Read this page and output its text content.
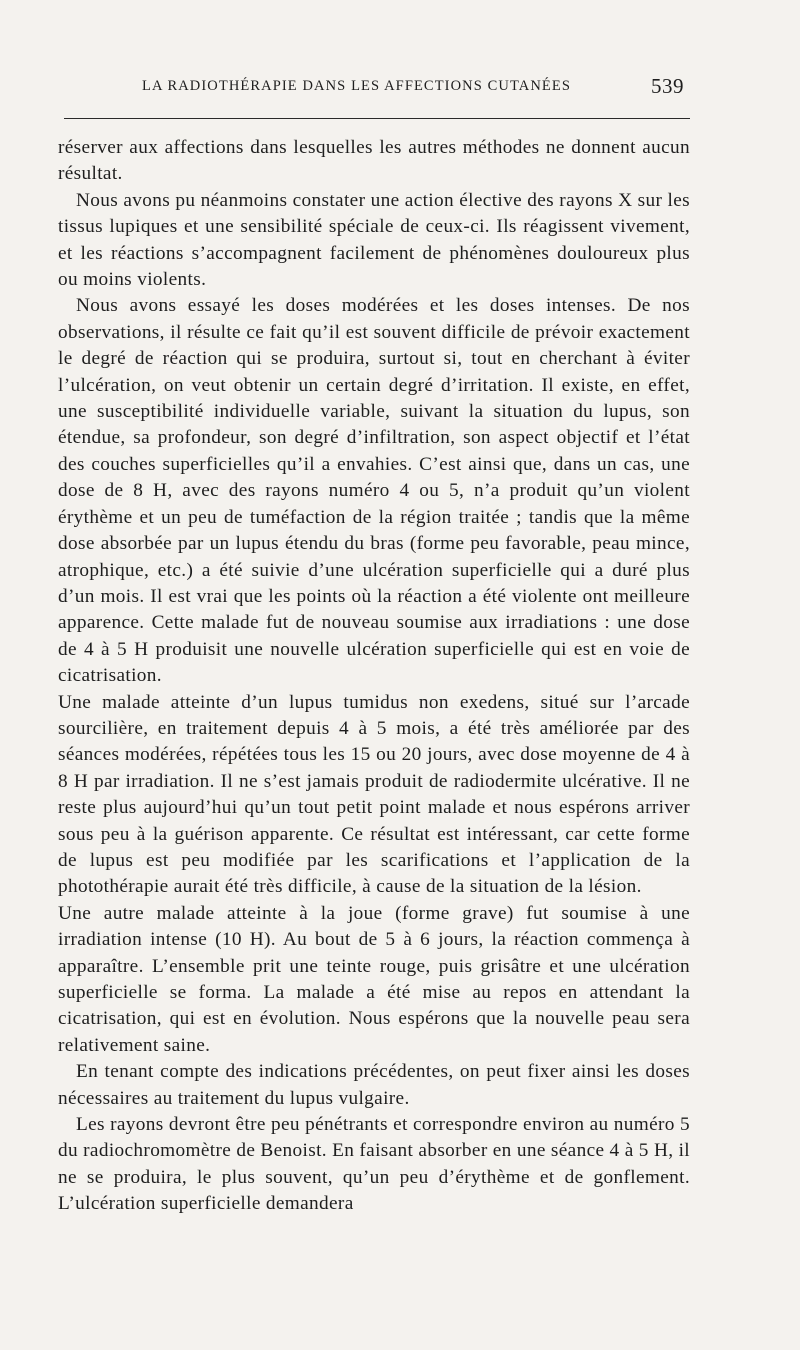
LA RADIOTHÉRAPIE DANS LES AFFECTIONS CUTANÉES	539

réserver aux affections dans lesquelles les autres méthodes ne donnent aucun résultat.

Nous avons pu néanmoins constater une action élective des rayons X sur les tissus lupiques et une sensibilité spéciale de ceux-ci. Ils réagissent vivement, et les réactions s’accompagnent facilement de phénomènes douloureux plus ou moins violents.

Nous avons essayé les doses modérées et les doses intenses. De nos observations, il résulte ce fait qu’il est souvent difficile de prévoir exactement le degré de réaction qui se produira, surtout si, tout en cherchant à éviter l’ulcération, on veut obtenir un certain degré d’irritation. Il existe, en effet, une susceptibilité individuelle variable, suivant la situation du lupus, son étendue, sa profondeur, son degré d’infiltration, son aspect objectif et l’état des couches superficielles qu’il a envahies. C’est ainsi que, dans un cas, une dose de 8 H, avec des rayons numéro 4 ou 5, n’a produit qu’un violent érythème et un peu de tuméfaction de la région traitée ; tandis que la même dose absorbée par un lupus étendu du bras (forme peu favorable, peau mince, atrophique, etc.) a été suivie d’une ulcération superficielle qui a duré plus d’un mois. Il est vrai que les points où la réaction a été violente ont meilleure apparence. Cette malade fut de nouveau soumise aux irradiations : une dose de 4 à 5 H produisit une nouvelle ulcération superficielle qui est en voie de cicatrisation.

Une malade atteinte d’un lupus tumidus non exedens, situé sur l’arcade sourcilière, en traitement depuis 4 à 5 mois, a été très améliorée par des séances modérées, répétées tous les 15 ou 20 jours, avec dose moyenne de 4 à 8 H par irradiation. Il ne s’est jamais produit de radiodermite ulcérative. Il ne reste plus aujourd’hui qu’un tout petit point malade et nous espérons arriver sous peu à la guérison apparente. Ce résultat est intéressant, car cette forme de lupus est peu modifiée par les scarifications et l’application de la photothérapie aurait été très difficile, à cause de la situation de la lésion.

Une autre malade atteinte à la joue (forme grave) fut soumise à une irradiation intense (10 H). Au bout de 5 à 6 jours, la réaction commença à apparaître. L’ensemble prit une teinte rouge, puis grisâtre et une ulcération superficielle se forma. La malade a été mise au repos en attendant la cicatrisation, qui est en évolution. Nous espérons que la nouvelle peau sera relativement saine.

En tenant compte des indications précédentes, on peut fixer ainsi les doses nécessaires au traitement du lupus vulgaire.

Les rayons devront être peu pénétrants et correspondre environ au numéro 5 du radiochromomètre de Benoist. En faisant absorber en une séance 4 à 5 H, il ne se produira, le plus souvent, qu’un peu d’érythème et de gonflement. L’ulcération superficielle demandera
